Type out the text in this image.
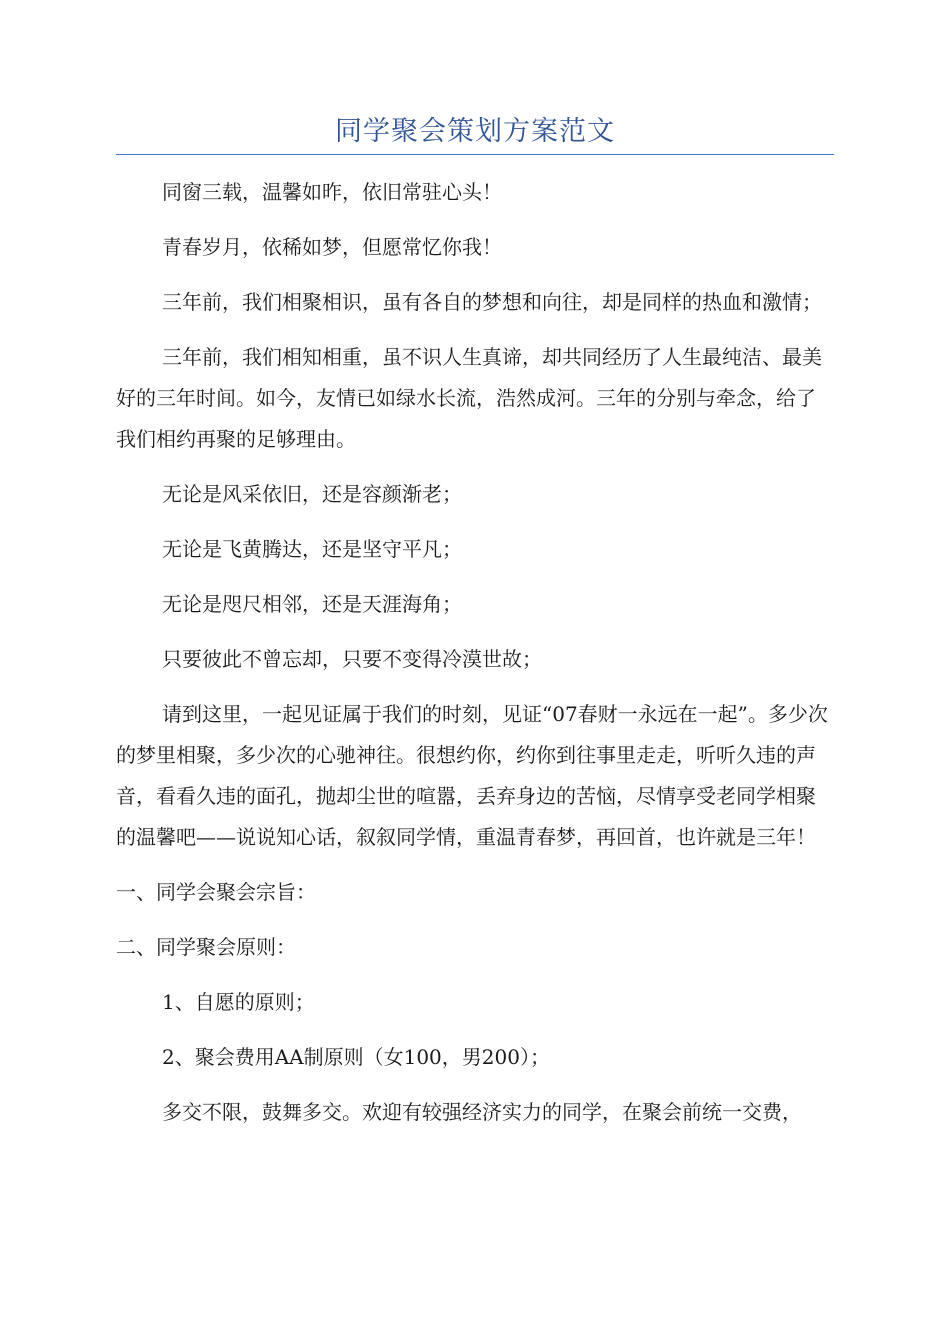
同学聚会策划方案范文

同窗三载，温馨如昨，依旧常驻心头！

青春岁月，依稀如梦，但愿常忆你我！

三年前，我们相聚相识，虽有各自的梦想和向往，却是同样的热血和激情；

三年前，我们相知相重，虽不识人生真谛，却共同经历了人生最纯洁、最美好的三年时间。如今，友情已如绿水长流，浩然成河。三年的分别与牵念，给了我们相约再聚的足够理由。

无论是风采依旧，还是容颜渐老；

无论是飞黄腾达，还是坚守平凡；

无论是咫尺相邻，还是天涯海角；

只要彼此不曾忘却，只要不变得冷漠世故；

请到这里，一起见证属于我们的时刻，见证“07春财一永远在一起”。多少次的梦里相聚，多少次的心驰神往。很想约你，约你到往事里走走，听听久违的声音，看看久违的面孔，抛却尘世的喧嚣，丢弃身边的苦恼，尽情享受老同学相聚的温馨吧——说说知心话，叙叙同学情，重温青春梦，再回首，也许就是三年！

一、同学会聚会宗旨：

二、同学聚会原则：

1、自愿的原则；

2、聚会费用AA制原则（女100，男200）；

多交不限，鼓舞多交。欢迎有较强经济实力的同学，在聚会前统一交费，
